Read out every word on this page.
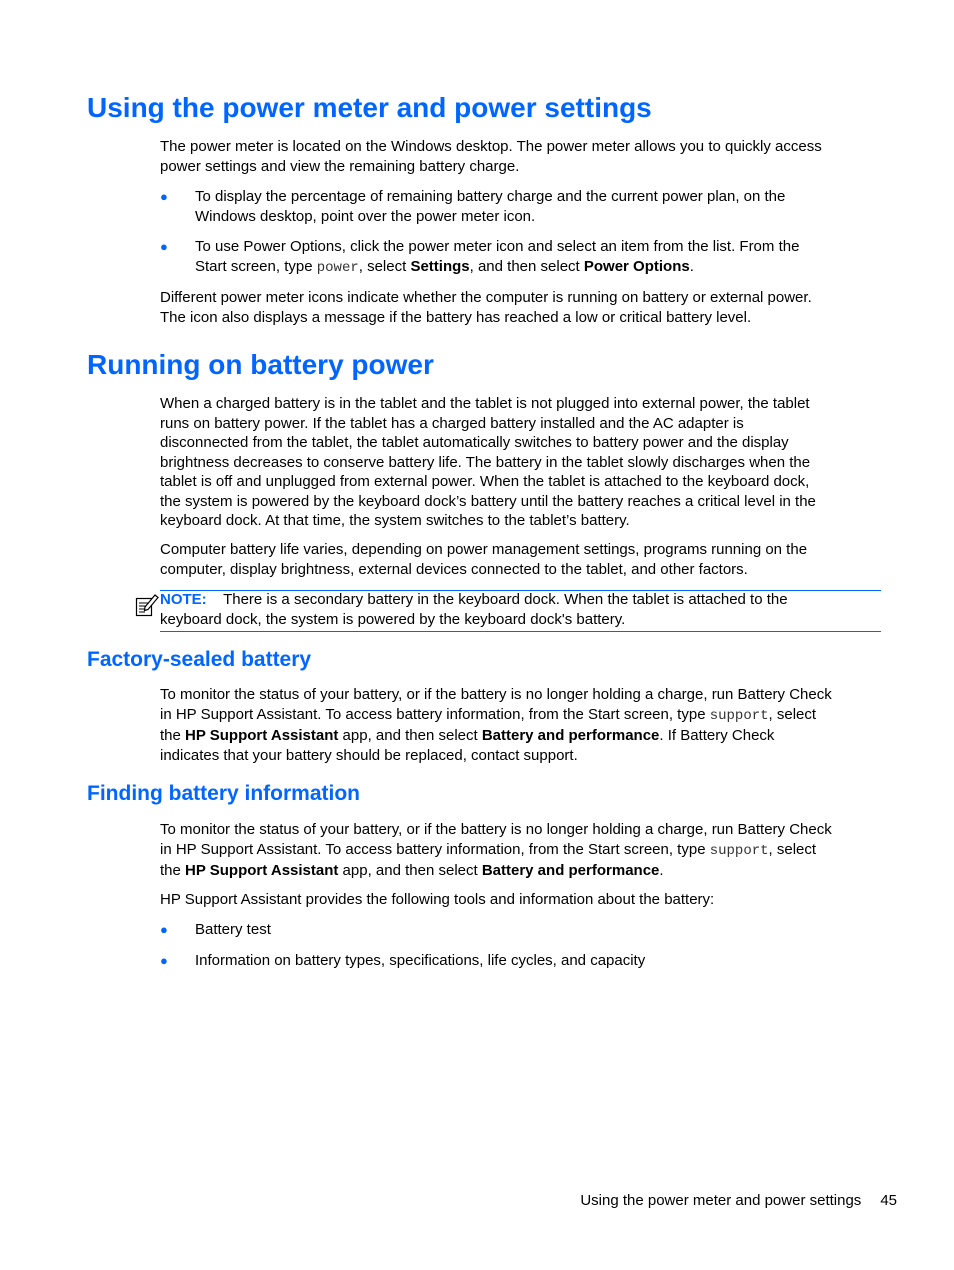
Using the power meter and power settings

The power meter is located on the Windows desktop. The power meter allows you to quickly access
power settings and view the remaining battery charge.

●	To display the percentage of remaining battery charge and the current power plan, on the
Windows desktop, point over the power meter icon.
●	To use Power Options, click the power meter icon and select an item from the list. From the
Start screen, type power, select Settings, and then select Power Options.

Different power meter icons indicate whether the computer is running on battery or external power.
The icon also displays a message if the battery has reached a low or critical battery level.

Running on battery power

When a charged battery is in the tablet and the tablet is not plugged into external power, the tablet
runs on battery power. If the tablet has a charged battery installed and the AC adapter is
disconnected from the tablet, the tablet automatically switches to battery power and the display
brightness decreases to conserve battery life. The battery in the tablet slowly discharges when the
tablet is off and unplugged from external power. When the tablet is attached to the keyboard dock,
the system is powered by the keyboard dock’s battery until the battery reaches a critical level in the
keyboard dock. At that time, the system switches to the tablet’s battery.

Computer battery life varies, depending on power management settings, programs running on the
computer, display brightness, external devices connected to the tablet, and other factors.

NOTE: There is a secondary battery in the keyboard dock. When the tablet is attached to the
keyboard dock, the system is powered by the keyboard dock's battery.
Factory-sealed battery

To monitor the status of your battery, or if the battery is no longer holding a charge, run Battery Check
in HP Support Assistant. To access battery information, from the Start screen, type support, select
the HP Support Assistant app, and then select Battery and performance. If Battery Check
indicates that your battery should be replaced, contact support.

Finding battery information

To monitor the status of your battery, or if the battery is no longer holding a charge, run Battery Check
in HP Support Assistant. To access battery information, from the Start screen, type support, select
the HP Support Assistant app, and then select Battery and performance.

HP Support Assistant provides the following tools and information about the battery:

●	Battery test
●	Information on battery types, specifications, life cycles, and capacity
Using the power meter and power settings 45
